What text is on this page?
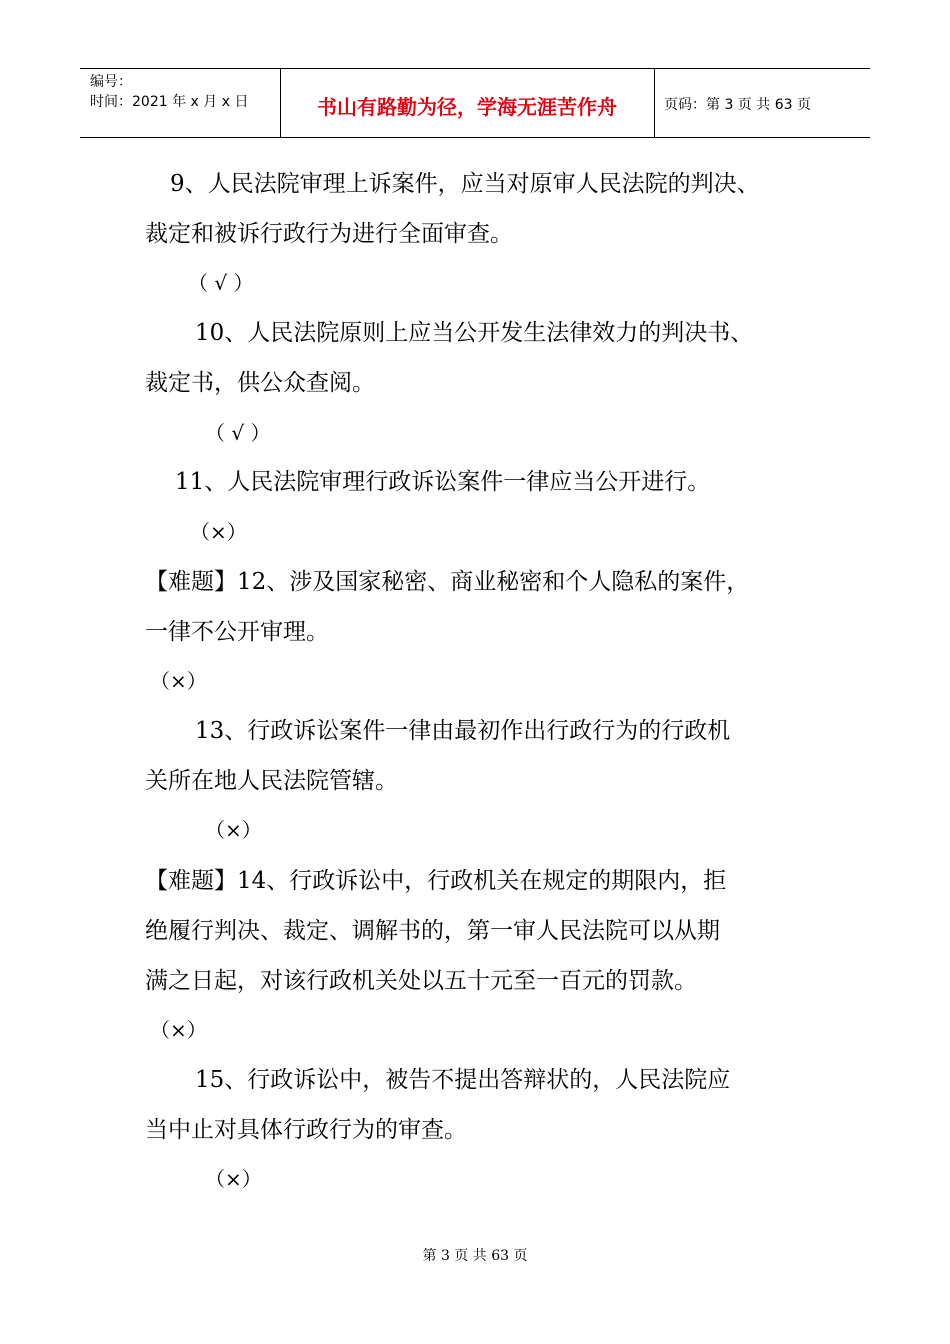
编号：
时间：2021 年 x 月 x 日	书山有路勤为径，学海无涯苦作舟	页码：第 3 页 共 63 页
9、人民法院审理上诉案件，应当对原审人民法院的判决、
裁定和被诉行政行为进行全面审查。
（ √ ）
10、人民法院原则上应当公开发生法律效力的判决书、
裁定书，供公众查阅。
（ √ ）
11、人民法院审理行政诉讼案件一律应当公开进行。
（×）
【难题】12、涉及国家秘密、商业秘密和个人隐私的案件，
一律不公开审理。
（×）
13、行政诉讼案件一律由最初作出行政行为的行政机
关所在地人民法院管辖。
（×）
【难题】14、行政诉讼中，行政机关在规定的期限内，拒
绝履行判决、裁定、调解书的，第一审人民法院可以从期
满之日起，对该行政机关处以五十元至一百元的罚款。
（×）
15、行政诉讼中，被告不提出答辩状的，人民法院应
当中止对具体行政行为的审查。
（×）
第 3 页 共 63 页
